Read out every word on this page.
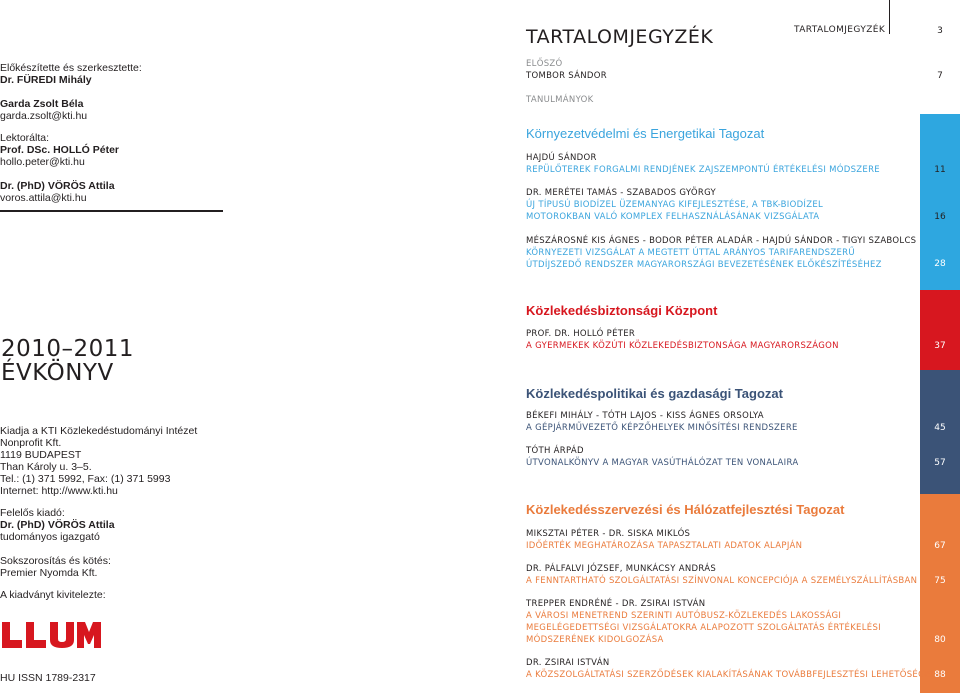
Előkészítette és szerkesztette:
Dr. FÜREDI Mihály
Garda Zsolt Béla
garda.zsolt@kti.hu
Lektorálta:
Prof. DSc. HOLLÓ Péter
hollo.peter@kti.hu
Dr. (PhD) VÖRÖS Attila
voros.attila@kti.hu
2010–2011
ÉVKÖNYV
Kiadja a KTI Közlekedéstudományi Intézet
Nonprofit Kft.
1119 BUDAPEST
Than Károly u. 3–5.
Tel.: (1) 371 5992, Fax: (1) 371 5993
Internet: http://www.kti.hu
Felelős kiadó:
Dr. (PhD) VÖRÖS Attila
tudományos igazgató
Sokszorosítás és kötés:
Premier Nyomda Kft.
A kiadványt kivitelezte:
HU ISSN 1789-2317
TARTALOMJEGYZÉK	TARTALOMJEGYZÉK	3
ELŐSZÓ
TOMBOR SÁNDOR	7
TANULMÁNYOK
Környezetvédelmi és Energetikai Tagozat
HAJDÚ SÁNDOR
REPÜLŐTEREK FORGALMI RENDJÉNEK ZAJSZEMPONTÚ ÉRTÉKELÉSI MÓDSZERE	11
DR. MERÉTEI TAMÁS - SZABADOS GYÖRGY
ÚJ TÍPUSÚ BIODÍZEL ÜZEMANYAG KIFEJLESZTÉSE, A TBK-BIODÍZEL
MOTOROKBAN VALÓ KOMPLEX FELHASZNÁLÁSÁNAK VIZSGÁLATA	16
MÉSZÁROSNÉ KIS ÁGNES - BODOR PÉTER ALADÁR - HAJDÚ SÁNDOR - TIGYI SZABOLCS
KÖRNYEZETI VIZSGÁLAT A MEGTETT ÚTTAL ARÁNYOS TARIFARENDSZERŰ
ÚTDÍJSZEDŐ RENDSZER MAGYARORSZÁGI BEVEZETÉSÉNEK ELŐKÉSZÍTÉSÉHEZ	28
Közlekedésbiztonsági Központ
PROF. DR. HOLLÓ PÉTER
A GYERMEKEK KÖZÚTI KÖZLEKEDÉSBIZTONSÁGA MAGYARORSZÁGON	37
Közlekedéspolitikai és gazdasági Tagozat
BÉKEFI MIHÁLY - TÓTH LAJOS - KISS ÁGNES ORSOLYA
A GÉPJÁRMŰVEZETŐ KÉPZŐHELYEK MINŐSÍTÉSI RENDSZERE	45
TÓTH ÁRPÁD
ÚTVONALKÖNYV A MAGYAR VASÚTHÁLÓZAT TEN VONALAIRA	57
Közlekedésszervezési és Hálózatfejlesztési Tagozat
MIKSZTAI PÉTER - DR. SISKA MIKLÓS
IDŐÉRTÉK MEGHATÁROZÁSA TAPASZTALATI ADATOK ALAPJÁN	67
DR. PÁLFALVI JÓZSEF, MUNKÁCSY ANDRÁS
A FENNTARTHATÓ SZOLGÁLTATÁSI SZÍNVONAL KONCEPCIÓJA A SZEMÉLYSZÁLLÍTÁSBAN	75
TREPPER ENDRÉNÉ - DR. ZSIRAI ISTVÁN
A VÁROSI MENETREND SZERINTI AUTÓBUSZ-KÖZLEKEDÉS LAKOSSÁGI
MEGELÉGEDETTSÉGI VIZSGÁLATOKRA ALAPOZOTT SZOLGÁLTATÁS ÉRTÉKELÉSI
MÓDSZERÉNEK KIDOLGOZÁSA	80
DR. ZSIRAI ISTVÁN
A KÖZSZOLGÁLTATÁSI SZERZŐDÉSEK KIALAKÍTÁSÁNAK TOVÁBBFEJLESZTÉSI LEHETŐSÉGEI 88
